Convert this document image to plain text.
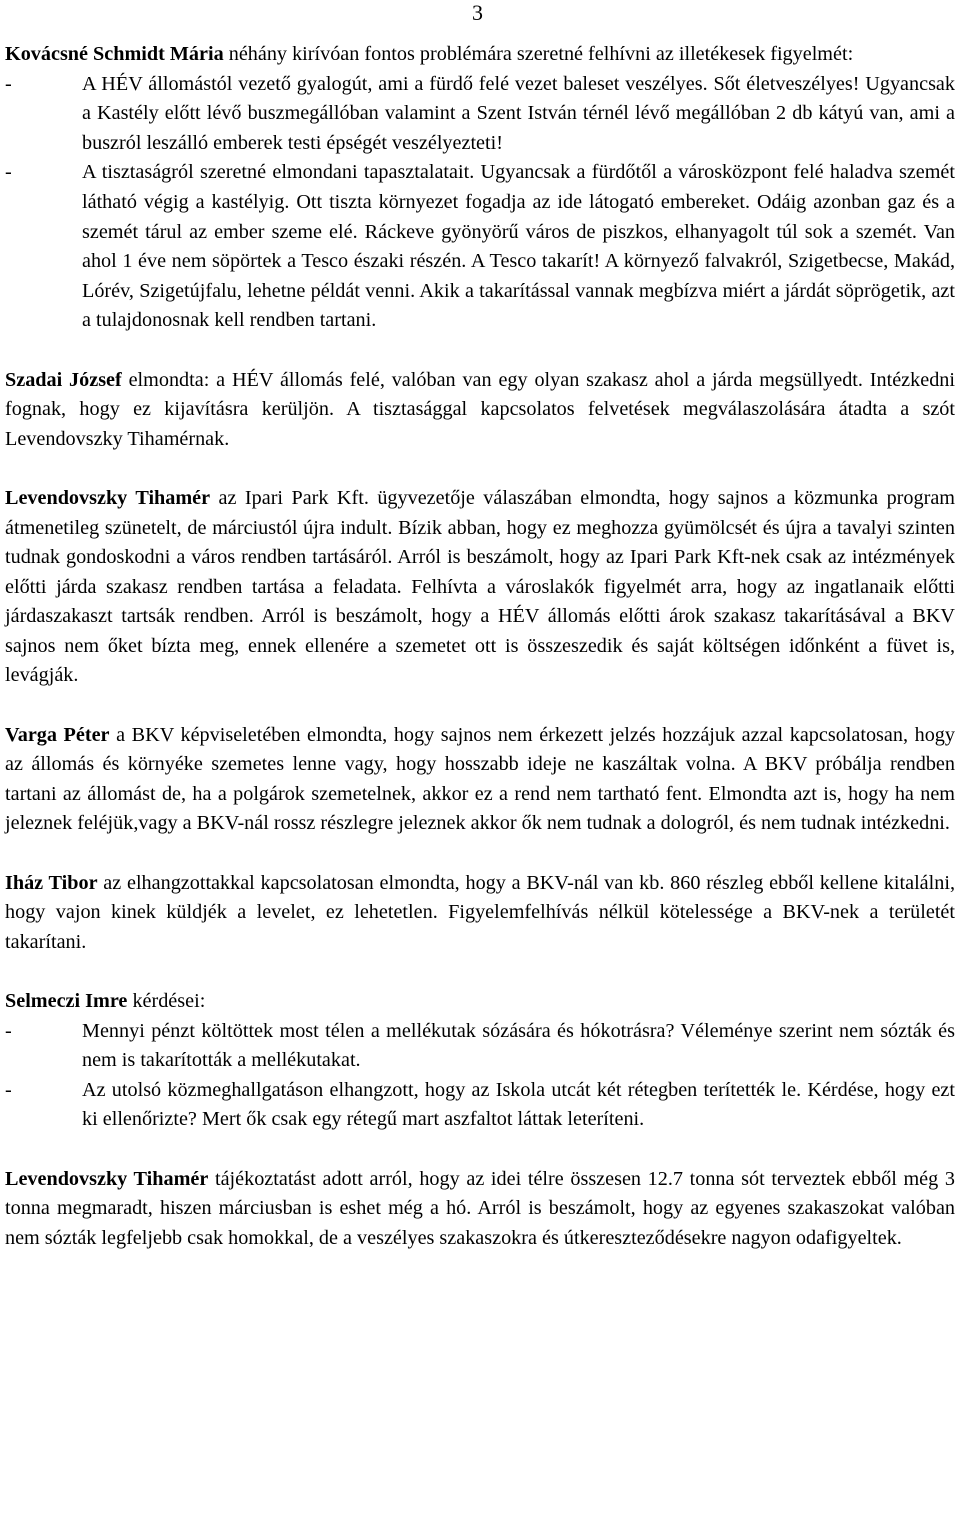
3
Kovácsné Schmidt Mária néhány kirívóan fontos problémára szeretné felhívni az illetékesek figyelmét:
-	A HÉV állomástól vezető gyalogút, ami a fürdő felé vezet baleset veszélyes. Sőt életveszélyes! Ugyancsak a Kastély előtt lévő buszmegállóban valamint a Szent István térnél lévő megállóban 2 db kátyú van, ami a buszról leszálló emberek testi épségét veszélyezteti!
-	A tisztaságról szeretné elmondani tapasztalatait. Ugyancsak a fürdőtől a városközpont felé haladva szemét látható végig a kastélyig. Ott tiszta környezet fogadja az ide látogató embereket. Odáig azonban gaz és a szemét tárul az ember szeme elé. Ráckeve gyönyörű város de piszkos, elhanyagolt túl sok a szemét. Van ahol 1 éve nem söpörtek a Tesco északi részén. A Tesco takarít! A környező falvakról, Szigetbecse, Makád, Lórév, Szigetújfalu, lehetne példát venni. Akik a takarítással vannak megbízva miért a járdát söprögetik, azt a tulajdonosnak kell rendben tartani.
Szadai József elmondta: a HÉV állomás felé, valóban van egy olyan szakasz ahol a járda megsüllyedt. Intézkedni fognak, hogy ez kijavításra kerüljön. A tisztasággal kapcsolatos felvetések megválaszolására átadta a szót Levendovszky Tihamérnak.
Levendovszky Tihamér az Ipari Park Kft. ügyvezetője válaszában elmondta, hogy sajnos a közmunka program átmenetileg szünetelt, de márciustól újra indult. Bízik abban, hogy ez meghozza gyümölcsét és újra a tavalyi szinten tudnak gondoskodni a város rendben tartásáról. Arról is beszámolt, hogy az Ipari Park Kft-nek csak az intézmények előtti járda szakasz rendben tartása a feladata. Felhívta a városlakók figyelmét arra, hogy az ingatlanaik előtti járdaszakaszt tartsák rendben. Arról is beszámolt, hogy a HÉV állomás előtti árok szakasz takarításával a BKV sajnos nem őket bízta meg, ennek ellenére a szemetet ott is összeszedik és saját költségen időnként a füvet is, levágják.
Varga Péter a BKV képviseletében elmondta, hogy sajnos nem érkezett jelzés hozzájuk azzal kapcsolatosan, hogy az állomás és környéke szemetes lenne vagy, hogy hosszabb ideje ne kaszáltak volna. A BKV próbálja rendben tartani az állomást de, ha a polgárok szemetelnek, akkor ez a rend nem tartható fent. Elmondta azt is, hogy ha nem jeleznek feléjük,vagy a BKV-nál rossz részlegre jeleznek akkor ők nem tudnak a dologról, és nem tudnak intézkedni.
Iház Tibor az elhangzottakkal kapcsolatosan elmondta, hogy a BKV-nál van kb. 860 részleg ebből kellene kitalálni, hogy vajon kinek küldjék a levelet, ez lehetetlen. Figyelemfelhívás nélkül kötelessége a BKV-nek a területét takarítani.
Selmeczi Imre kérdései:
-	Mennyi pénzt költöttek most télen a mellékutak sózására és hókotrásra? Véleménye szerint nem sózták és nem is takarították a mellékutakat.
-	Az utolsó közmeghallgatáson elhangzott, hogy az Iskola utcát két rétegben terítették le. Kérdése, hogy ezt ki ellenőrizte? Mert ők csak egy rétegű mart aszfaltot láttak leteríteni.
Levendovszky Tihamér tájékoztatást adott arról, hogy az idei télre összesen 12.7 tonna sót terveztek ebből még 3 tonna megmaradt, hiszen márciusban is eshet még a hó. Arról is beszámolt, hogy az egyenes szakaszokat valóban nem sózták legfeljebb csak homokkal, de a veszélyes szakaszokra és útkereszteződésekre nagyon odafigyeltek.
